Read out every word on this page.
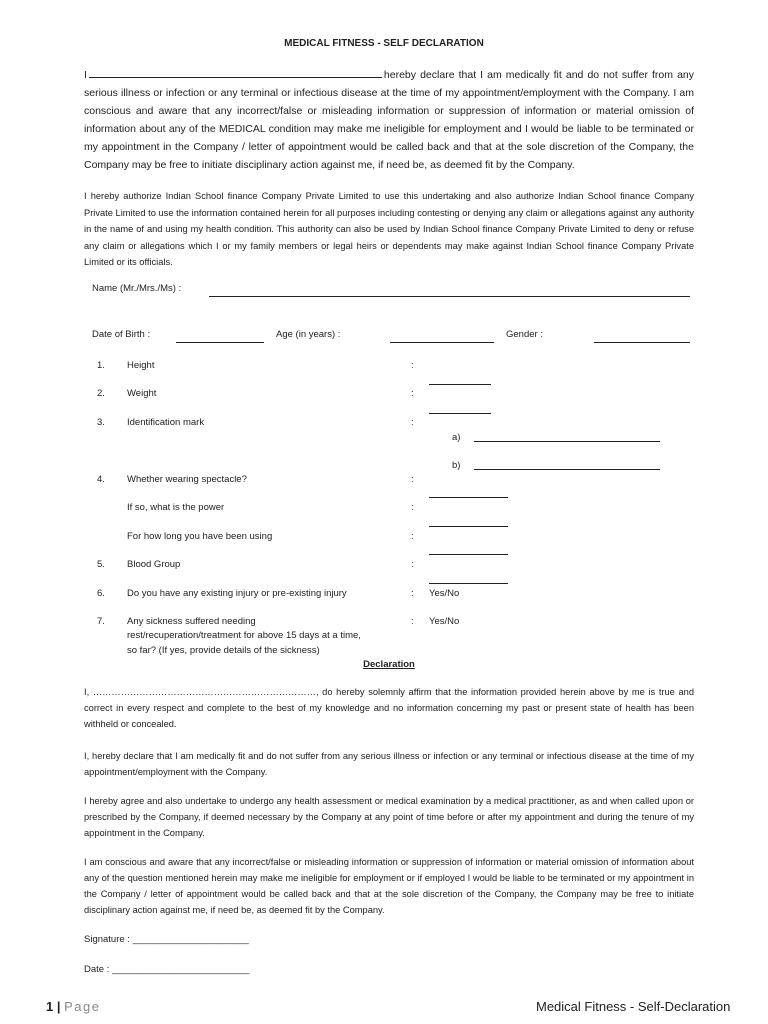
MEDICAL FITNESS - SELF DECLARATION
I	hereby declare that I am medically fit and do not suffer from any serious illness or infection or any terminal or infectious disease at the time of my appointment/employment with the Company. I am conscious and aware that any incorrect/false or misleading information or suppression of information or material omission of information about any of the MEDICAL condition may make me ineligible for employment and I would be liable to be terminated or my appointment in the Company / letter of appointment would be called back and that at the sole discretion of the Company, the Company may be free to initiate disciplinary action against me, if need be, as deemed fit by the Company.
I hereby authorize Indian School finance Company Private Limited to use this undertaking and also authorize Indian School finance Company Private Limited to use the information contained herein for all purposes including contesting or denying any claim or allegations against any authority in the name of and using my health condition. This authority can also be used by Indian School finance Company Private Limited to deny or refuse any claim or allegations which I or my family members or legal heirs or dependents may make against Indian School finance Company Private Limited or its officials.
Name (Mr./Mrs./Ms) :
Date of Birth :	Age (in years) :	Gender :
1. Height	:
2. Weight	:
3. Identification mark	:
a)
b)
4. Whether wearing spectacle?	:
If so, what is the power	:
For how long you have been using	:
5. Blood Group	:
6. Do you have any existing injury or pre-existing injury	: Yes/No
7. Any sickness suffered needing
rest/recuperation/treatment for above 15 days at a time,
so far? (If yes, provide details of the sickness)
: Yes/No
Declaration
I, ………………………………………………………………, do hereby solemnly affirm that the information provided herein above by me is true and correct in every respect and complete to the best of my knowledge and no information concerning my past or present state of health has been withheld or concealed.
I, hereby declare that I am medically fit and do not suffer from any serious illness or infection or any terminal or infectious disease at the time of my appointment/employment with the Company.
I hereby agree and also undertake to undergo any health assessment or medical examination by a medical practitioner, as and when called upon or prescribed by the Company, if deemed necessary by the Company at any point of time before or after my appointment and during the tenure of my appointment in the Company.
I am conscious and aware that any incorrect/false or misleading information or suppression of information or material omission of information about any of the question mentioned herein may make me ineligible for employment or if employed I would be liable to be terminated or my appointment in the Company / letter of appointment would be called back and that at the sole discretion of the Company, the Company may be free to initiate disciplinary action against me, if need be, as deemed fit by the Company.
Signature : ______________________
Date : __________________________
1 | Page	Medical Fitness - Self-Declaration
